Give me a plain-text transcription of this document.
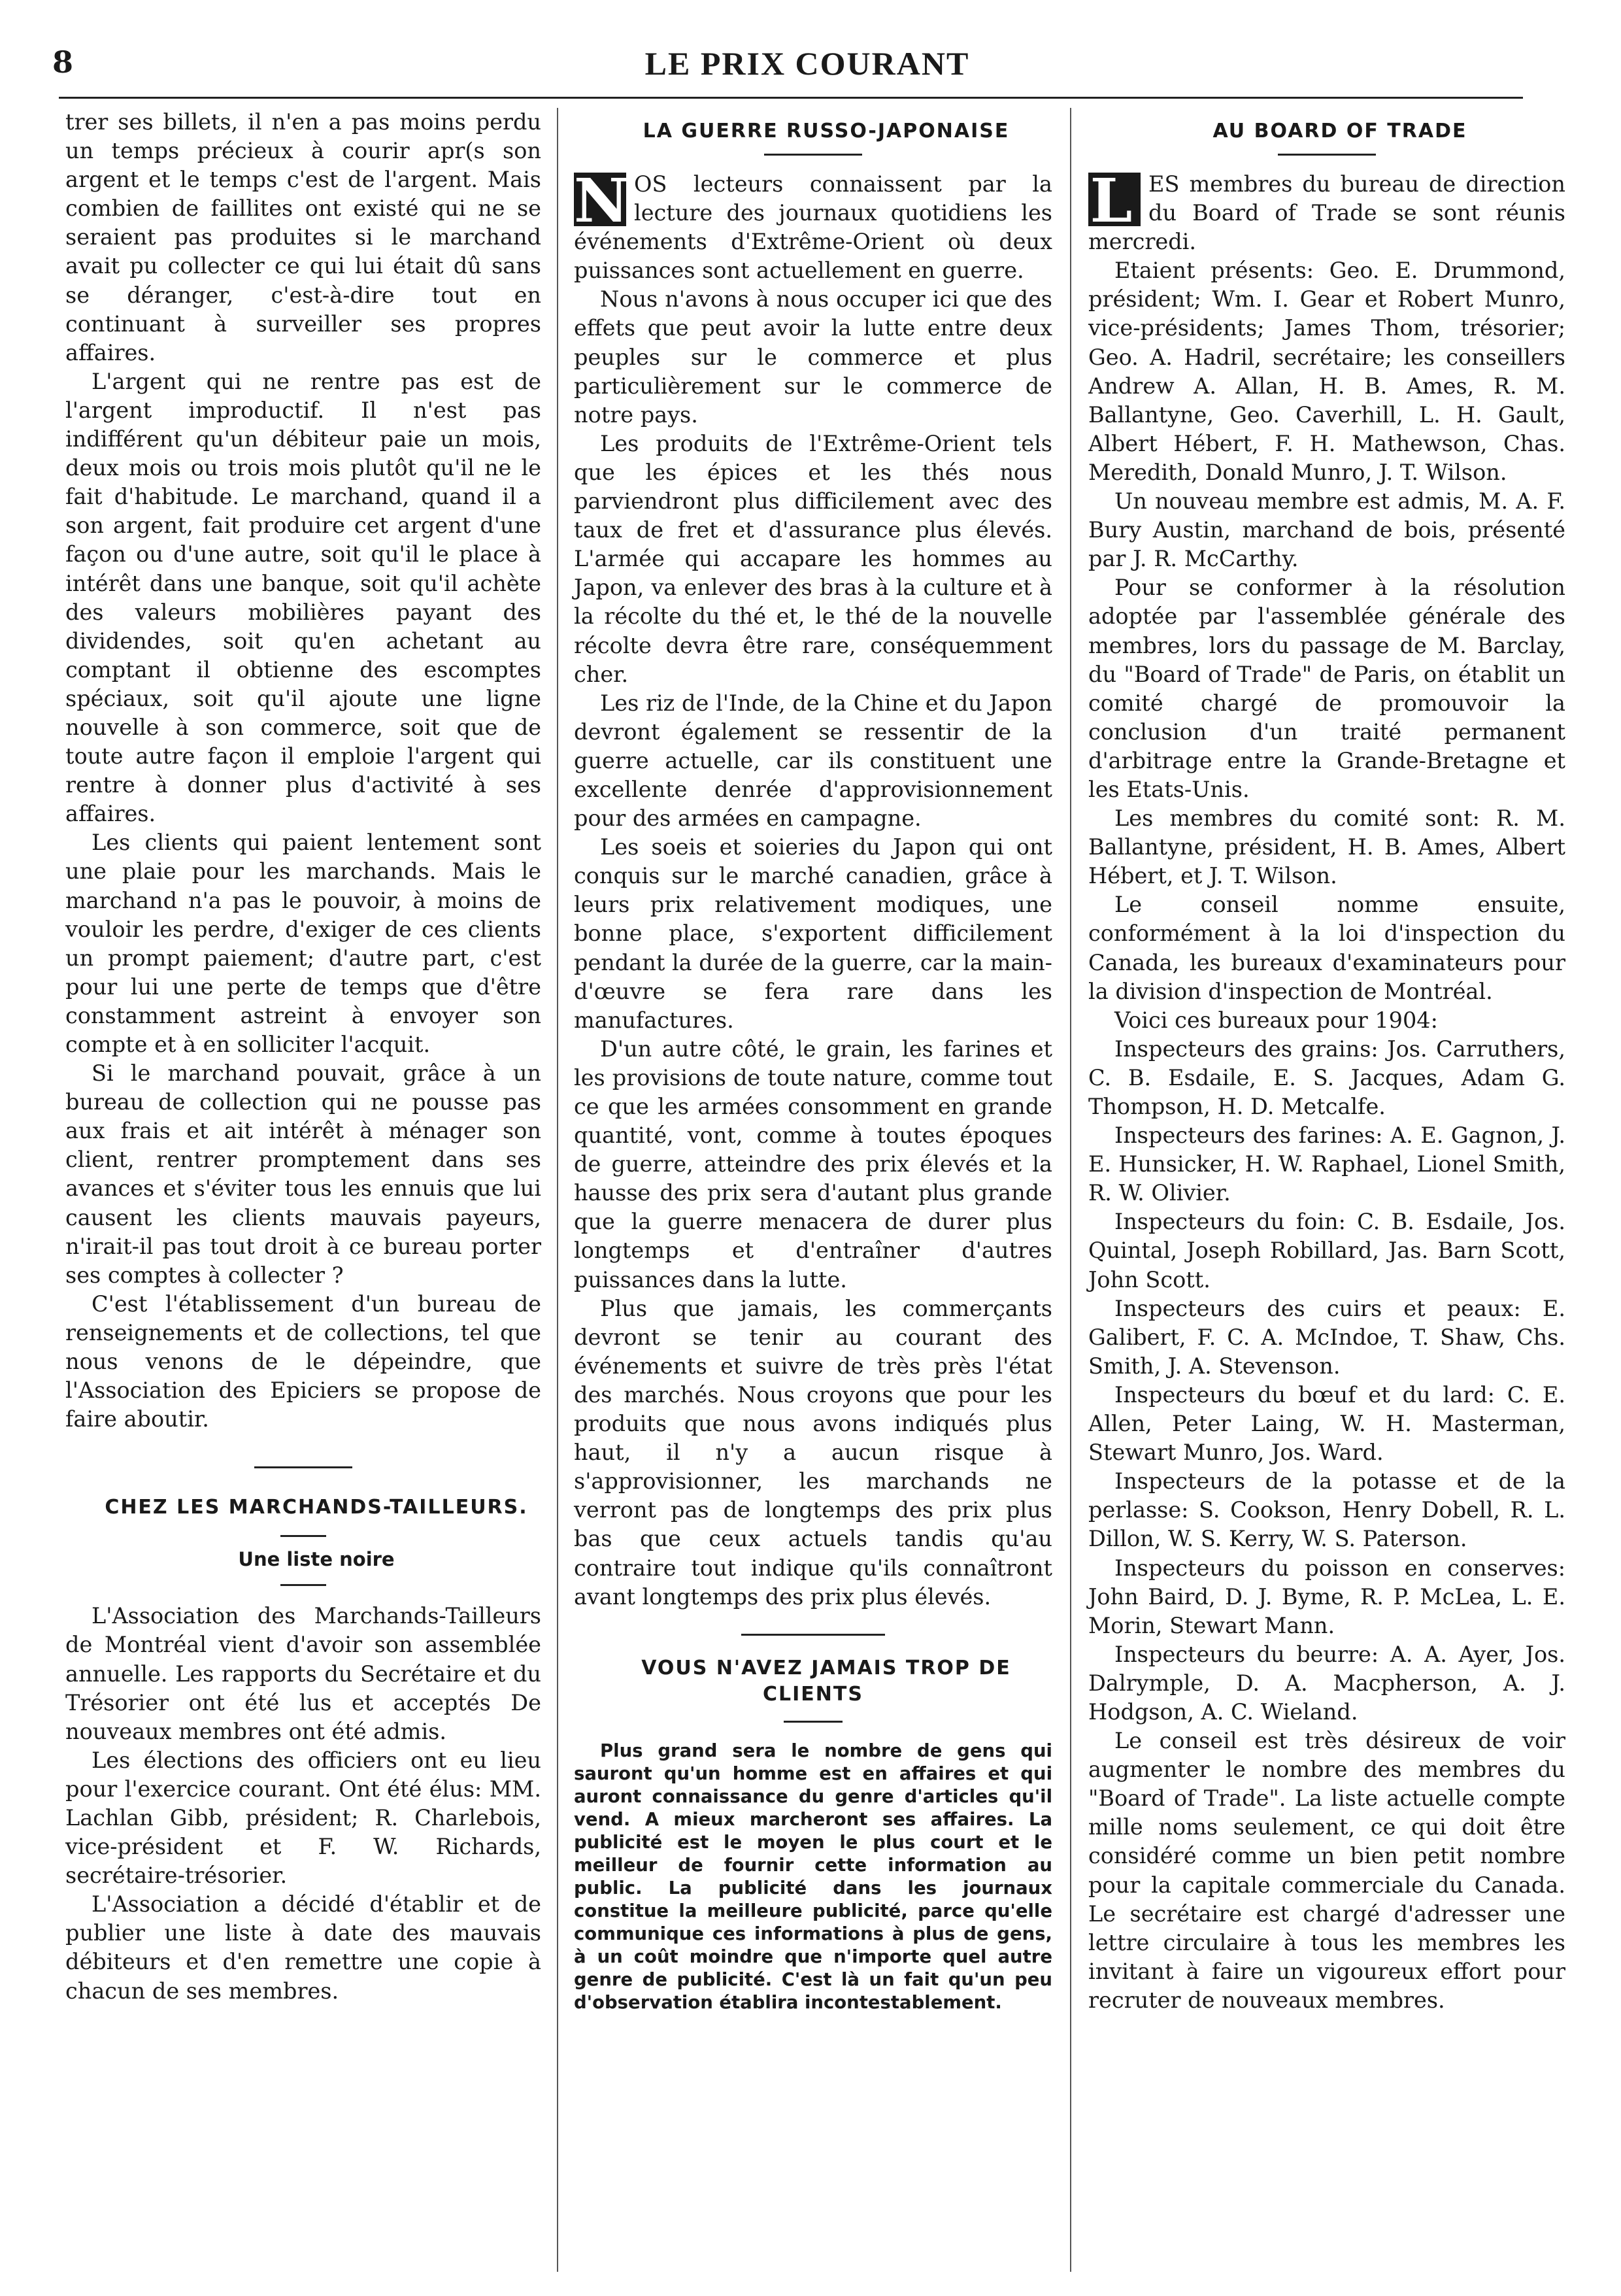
8	LE PRIX COURANT

trer ses billets, il n'en a pas moins perdu un temps précieux à courir apr(s son argent et le temps c'est de l'argent. Mais combien de faillites ont existé qui ne se seraient pas produites si le marchand avait pu collecter ce qui lui était dû sans se déranger, c'est-à-dire tout en continuant à surveiller ses propres affaires.

L'argent qui ne rentre pas est de l'argent improductif. Il n'est pas indifférent qu'un débiteur paie un mois, deux mois ou trois mois plutôt qu'il ne le fait d'habitude. Le marchand, quand il a son argent, fait produire cet argent d'une façon ou d'une autre, soit qu'il le place à intérêt dans une banque, soit qu'il achète des valeurs mobilières payant des dividendes, soit qu'en achetant au comptant il obtienne des escomptes spéciaux, soit qu'il ajoute une ligne nouvelle à son commerce, soit que de toute autre façon il emploie l'argent qui rentre à donner plus d'activité à ses affaires.

Les clients qui paient lentement sont une plaie pour les marchands. Mais le marchand n'a pas le pouvoir, à moins de vouloir les perdre, d'exiger de ces clients un prompt paiement; d'autre part, c'est pour lui une perte de temps que d'être constamment astreint à envoyer son compte et à en solliciter l'acquit.

Si le marchand pouvait, grâce à un bureau de collection qui ne pousse pas aux frais et ait intérêt à ménager son client, rentrer promptement dans ses avances et s'éviter tous les ennuis que lui causent les clients mauvais payeurs, n'irait-il pas tout droit à ce bureau porter ses comptes à collecter ?

C'est l'établissement d'un bureau de renseignements et de collections, tel que nous venons de le dépeindre, que l'Association des Epiciers se propose de faire aboutir.

CHEZ LES MARCHANDS-TAILLEURS.

Une liste noire

L'Association des Marchands-Tailleurs de Montréal vient d'avoir son assemblée annuelle. Les rapports du Secrétaire et du Trésorier ont été lus et acceptés De nouveaux membres ont été admis.

Les élections des officiers ont eu lieu pour l'exercice courant. Ont été élus: MM. Lachlan Gibb, président; R. Charlebois, vice-président et F. W. Richards, secrétaire-trésorier.

L'Association a décidé d'établir et de publier une liste à date des mauvais débiteurs et d'en remettre une copie à chacun de ses membres.

LA GUERRE RUSSO-JAPONAISE

N OS lecteurs connaissent par la lecture des journaux quotidiens les événements d'Extrême-Orient où deux puissances sont actuellement en guerre.

Nous n'avons à nous occuper ici que des effets que peut avoir la lutte entre deux peuples sur le commerce et plus particulièrement sur le commerce de notre pays.

Les produits de l'Extrême-Orient tels que les épices et les thés nous parviendront plus difficilement avec des taux de fret et d'assurance plus élevés. L'armée qui accapare les hommes au Japon, va enlever des bras à la culture et à la récolte du thé et, le thé de la nouvelle récolte devra être rare, conséquemment cher.

Les riz de l'Inde, de la Chine et du Japon devront également se ressentir de la guerre actuelle, car ils constituent une excellente denrée d'approvisionnement pour des armées en campagne.

Les soeis et soieries du Japon qui ont conquis sur le marché canadien, grâce à leurs prix relativement modiques, une bonne place, s'exportent difficilement pendant la durée de la guerre, car la main-d'œuvre se fera rare dans les manufactures.

D'un autre côté, le grain, les farines et les provisions de toute nature, comme tout ce que les armées consomment en grande quantité, vont, comme à toutes époques de guerre, atteindre des prix élevés et la hausse des prix sera d'autant plus grande que la guerre menacera de durer plus longtemps et d'entraîner d'autres puissances dans la lutte.

Plus que jamais, les commerçants devront se tenir au courant des événements et suivre de très près l'état des marchés. Nous croyons que pour les produits que nous avons indiqués plus haut, il n'y a aucun risque à s'approvisionner, les marchands ne verront pas de longtemps des prix plus bas que ceux actuels tandis qu'au contraire tout indique qu'ils connaîtront avant longtemps des prix plus élevés.

VOUS N'AVEZ JAMAIS TROP DE CLIENTS

Plus grand sera le nombre de gens qui sauront qu'un homme est en affaires et qui auront connaissance du genre d'articles qu'il vend. A mieux marcheront ses affaires. La publicité est le moyen le plus court et le meilleur de fournir cette information au public. La publicité dans les journaux constitue la meilleure publicité, parce qu'elle communique ces informations à plus de gens, à un coût moindre que n'importe quel autre genre de publicité. C'est là un fait qu'un peu d'observation établira incontestablement.

AU BOARD OF TRADE

L ES membres du bureau de direction du Board of Trade se sont réunis mercredi.

Etaient présents: Geo. E. Drummond, président; Wm. I. Gear et Robert Munro, vice-présidents; James Thom, trésorier; Geo. A. Hadril, secrétaire; les conseillers Andrew A. Allan, H. B. Ames, R. M. Ballantyne, Geo. Caverhill, L. H. Gault, Albert Hébert, F. H. Mathewson, Chas. Meredith, Donald Munro, J. T. Wilson.

Un nouveau membre est admis, M. A. F. Bury Austin, marchand de bois, présenté par J. R. McCarthy.

Pour se conformer à la résolution adoptée par l'assemblée générale des membres, lors du passage de M. Barclay, du "Board of Trade" de Paris, on établit un comité chargé de promouvoir la conclusion d'un traité permanent d'arbitrage entre la Grande-Bretagne et les Etats-Unis.

Les membres du comité sont: R. M. Ballantyne, président, H. B. Ames, Albert Hébert, et J. T. Wilson.

Le conseil nomme ensuite, conformément à la loi d'inspection du Canada, les bureaux d'examinateurs pour la division d'inspection de Montréal.

Voici ces bureaux pour 1904:

Inspecteurs des grains: Jos. Carruthers, C. B. Esdaile, E. S. Jacques, Adam G. Thompson, H. D. Metcalfe.

Inspecteurs des farines: A. E. Gagnon, J. E. Hunsicker, H. W. Raphael, Lionel Smith, R. W. Olivier.

Inspecteurs du foin: C. B. Esdaile, Jos. Quintal, Joseph Robillard, Jas. Barn Scott, John Scott.

Inspecteurs des cuirs et peaux: E. Galibert, F. C. A. McIndoe, T. Shaw, Chs. Smith, J. A. Stevenson.

Inspecteurs du bœuf et du lard: C. E. Allen, Peter Laing, W. H. Masterman, Stewart Munro, Jos. Ward.

Inspecteurs de la potasse et de la perlasse: S. Cookson, Henry Dobell, R. L. Dillon, W. S. Kerry, W. S. Paterson.

Inspecteurs du poisson en conserves: John Baird, D. J. Byme, R. P. McLea, L. E. Morin, Stewart Mann.

Inspecteurs du beurre: A. A. Ayer, Jos. Dalrymple, D. A. Macpherson, A. J. Hodgson, A. C. Wieland.

Le conseil est très désireux de voir augmenter le nombre des membres du "Board of Trade". La liste actuelle compte mille noms seulement, ce qui doit être considéré comme un bien petit nombre pour la capitale commerciale du Canada. Le secrétaire est chargé d'adresser une lettre circulaire à tous les membres les invitant à faire un vigoureux effort pour recruter de nouveaux membres.
